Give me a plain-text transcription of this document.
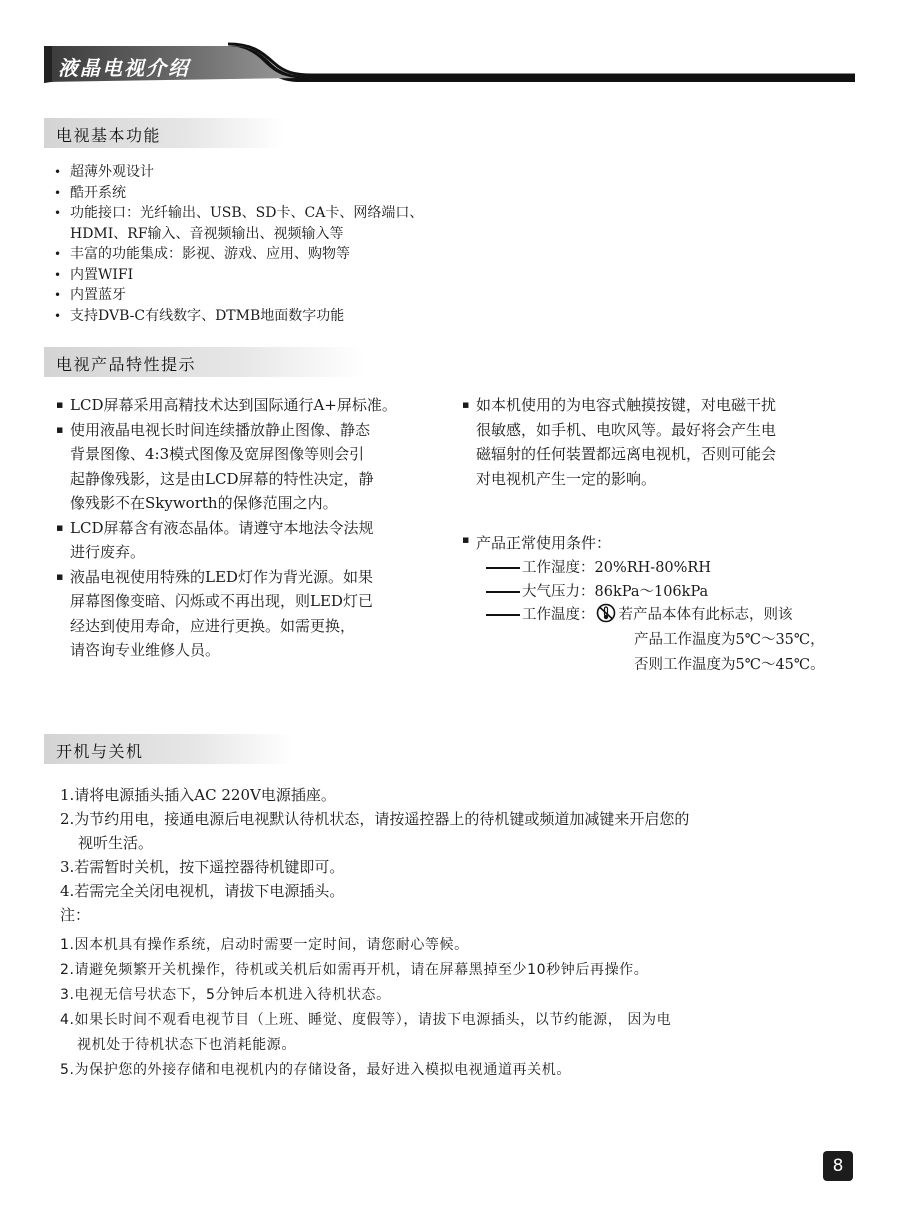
液晶电视介绍
电视基本功能
• 超薄外观设计
• 酷开系统
• 功能接口：光纤输出、USB、SD卡、CA卡、网络端口、
HDMI、RF输入、音视频输出、视频输入等
• 丰富的功能集成：影视、游戏、应用、购物等
• 内置WIFI
• 内置蓝牙
• 支持DVB-C有线数字、DTMB地面数字功能
电视产品特性提示
▪ LCD屏幕采用高精技术达到国际通行A+屏标准。

▪ 使用液晶电视长时间连续播放静止图像、静态

背景图像、4:3模式图像及宽屏图像等则会引

起静像残影，这是由LCD屏幕的特性决定，静

像残影不在Skyworth的保修范围之内。

▪ LCD屏幕含有液态晶体。请遵守本地法令法规

进行废弃。

▪ 液晶电视使用特殊的LED灯作为背光源。如果

屏幕图像变暗、闪烁或不再出现，则LED灯已

经达到使用寿命，应进行更换。如需更换，

请咨询专业维修人员。

▪ 如本机使用的为电容式触摸按键，对电磁干扰

很敏感，如手机、电吹风等。最好将会产生电

磁辐射的任何装置都远离电视机，否则可能会

对电视机产生一定的影响。

▪ 产品正常使用条件：
工作湿度：20%RH-80%RH
大气压力：86kPa～106kPa
工作温度： 若产品本体有此标志，则该
产品工作温度为5℃～35℃，
否则工作温度为5℃～45℃。
开机与关机

1.请将电源插头插入AC 220V电源插座。

2.为节约用电，接通电源后电视默认待机状态，请按遥控器上的待机键或频道加减键来开启您的

视听生活。

3.若需暂时关机，按下遥控器待机键即可。

4.若需完全关闭电视机，请拔下电源插头。

注：

1.因本机具有操作系统，启动时需要一定时间，请您耐心等候。

2.请避免频繁开关机操作，待机或关机后如需再开机，请在屏幕黑掉至少10秒钟后再操作。

3.电视无信号状态下，5分钟后本机进入待机状态。

4.如果长时间不观看电视节目（上班、睡觉、度假等），请拔下电源插头，以节约能源， 因为电

视机处于待机状态下也消耗能源。

5.为保护您的外接存储和电视机内的存储设备，最好进入模拟电视通道再关机。

8
